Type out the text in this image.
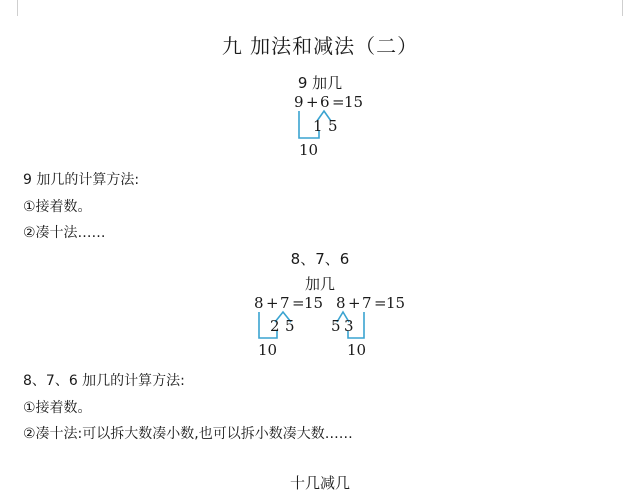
九 加法和减法（二）
9 加几
9 + 6 = 15
1 5
10
9 加几的计算方法:
①接着数。
②凑十法……
8、7、6
加几
8 + 7 = 15
2 5
10
8 + 7 = 15
5 3
10
8、7、6 加几的计算方法:
①接着数。
②凑十法:可以拆大数凑小数,也可以拆小数凑大数……
十几减几
